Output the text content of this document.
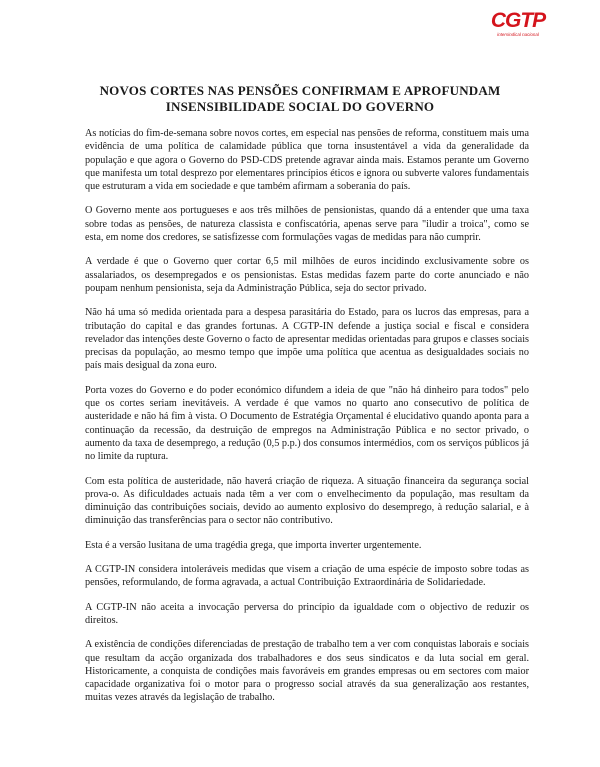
CGTP
intersindical nacional
NOVOS CORTES NAS PENSÕES CONFIRMAM E APROFUNDAM
INSENSIBILIDADE SOCIAL DO GOVERNO

As notícias do fim-de-semana sobre novos cortes, em especial nas pensões de reforma, constituem mais uma evidência de uma política de calamidade pública que torna insustentável a vida da generalidade da população e que agora o Governo do PSD-CDS pretende agravar ainda mais. Estamos perante um Governo que manifesta um total desprezo por elementares princípios éticos e ignora ou subverte valores fundamentais que estruturam a vida em sociedade e que também afirmam a soberania do país.

O Governo mente aos portugueses e aos três milhões de pensionistas, quando dá a entender que uma taxa sobre todas as pensões, de natureza classista e confiscatória, apenas serve para "iludir a troica", como se esta, em nome dos credores, se satisfizesse com formulações vagas de medidas para não cumprir.

A verdade é que o Governo quer cortar 6,5 mil milhões de euros incidindo exclusivamente sobre os assalariados, os desempregados e os pensionistas. Estas medidas fazem parte do corte anunciado e não poupam nenhum pensionista, seja da Administração Pública, seja do sector privado.

Não há uma só medida orientada para a despesa parasitária do Estado, para os lucros das empresas, para a tributação do capital e das grandes fortunas. A CGTP-IN defende a justiça social e fiscal e considera revelador das intenções deste Governo o facto de apresentar medidas orientadas para grupos e classes sociais precisas da população, ao mesmo tempo que impõe uma política que acentua as desigualdades sociais no país mais desigual da zona euro.

Porta vozes do Governo e do poder económico difundem a ideia de que "não há dinheiro para todos" pelo que os cortes seriam inevitáveis. A verdade é que vamos no quarto ano consecutivo de política de austeridade e não há fim à vista. O Documento de Estratégia Orçamental é elucidativo quando aponta para a continuação da recessão, da destruição de empregos na Administração Pública e no sector privado, o aumento da taxa de desemprego, a redução (0,5 p.p.) dos consumos intermédios, com os serviços públicos já no limite da ruptura.

Com esta política de austeridade, não haverá criação de riqueza. A situação financeira da segurança social prova-o. As dificuldades actuais nada têm a ver com o envelhecimento da população, mas resultam da diminuição das contribuições sociais, devido ao aumento explosivo do desemprego, à redução salarial, e à diminuição das transferências para o sector não contributivo.

Esta é a versão lusitana de uma tragédia grega, que importa inverter urgentemente.

A CGTP-IN considera intoleráveis medidas que visem a criação de uma espécie de imposto sobre todas as pensões, reformulando, de forma agravada, a actual Contribuição Extraordinária de Solidariedade.

A CGTP-IN não aceita a invocação perversa do princípio da igualdade com o objectivo de reduzir os direitos.

A existência de condições diferenciadas de prestação de trabalho tem a ver com conquistas laborais e sociais que resultam da acção organizada dos trabalhadores e dos seus sindicatos e da luta social em geral. Historicamente, a conquista de condições mais favoráveis em grandes empresas ou em sectores com maior capacidade organizativa foi o motor para o progresso social através da sua generalização aos restantes, muitas vezes através da legislação de trabalho.
